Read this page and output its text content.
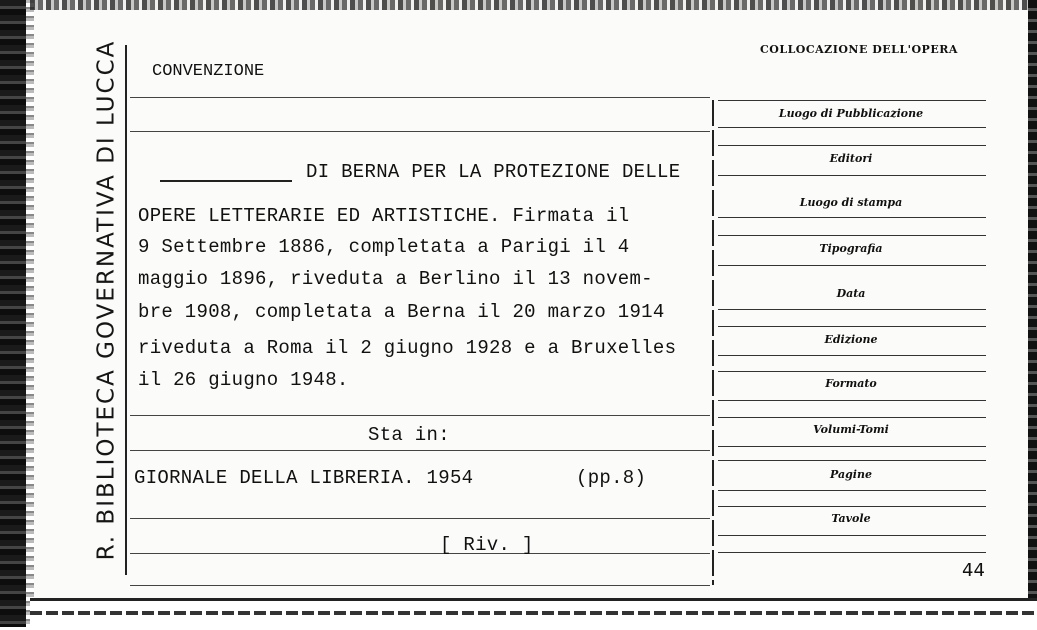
R. BIBLIOTECA GOVERNATIVA DI LUCCA CONVENZIONE
DI BERNA PER LA PROTEZIONE DELLE
OPERE LETTERARIE ED ARTISTICHE. Firmata il
9 Settembre 1886, completata a Parigi il 4
maggio 1896, riveduta a Berlino il 13 novem-
bre 1908, completata a Berna il 20 marzo 1914
riveduta a Roma il 2 giugno 1928 e a Bruxelles
il 26 giugno 1948.
Sta in:
GIORNALE DELLA LIBRERIA. 1954	(pp.8)
[ Riv. ]
COLLOCAZIONE DELL'OPERA
Luogo di Pubblicazione
Editori
Luogo di stampa
Tipografia
Data
Edizione
Formato
Volumi-Tomi
Pagine
Tavole
44
